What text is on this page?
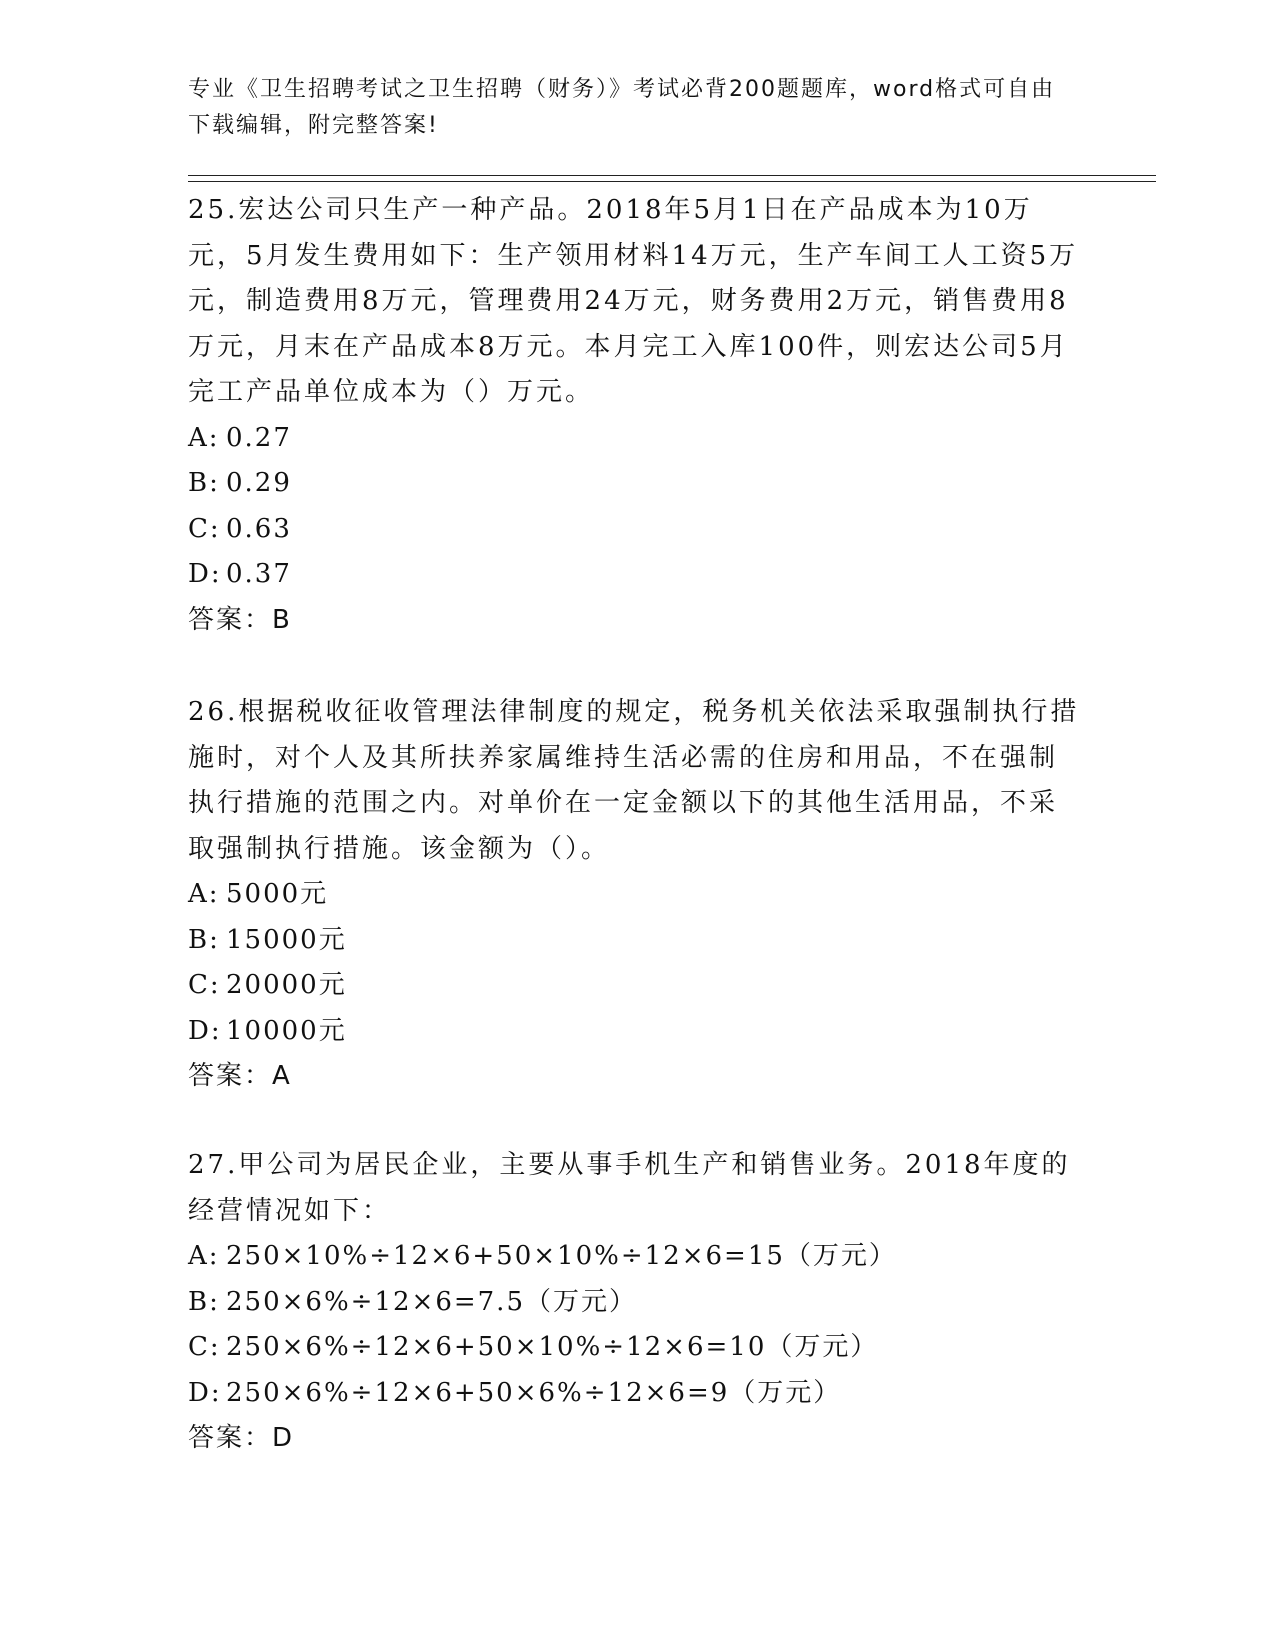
专业《卫生招聘考试之卫生招聘（财务）》考试必背200题题库，word格式可自由下载编辑，附完整答案!

25.宏达公司只生产一种产品。2018年5月1日在产品成本为10万元，5月发生费用如下：生产领用材料14万元，生产车间工人工资5万元，制造费用8万元，管理费用24万元，财务费用2万元，销售费用8万元，月末在产品成本8万元。本月完工入库100件，则宏达公司5月完工产品单位成本为（）万元。

A: 0.27
B: 0.29
C: 0.63
D: 0.37

答案：B

26.根据税收征收管理法律制度的规定，税务机关依法采取强制执行措施时，对个人及其所扶养家属维持生活必需的住房和用品，不在强制执行措施的范围之内。对单价在一定金额以下的其他生活用品，不采取强制执行措施。该金额为（）。

A: 5000元
B: 15000元
C: 20000元
D: 10000元

答案：A

27.甲公司为居民企业，主要从事手机生产和销售业务。2018年度的经营情况如下：

A: 250×10%÷12×6+50×10%÷12×6=15（万元）
B: 250×6%÷12×6=7.5（万元）
C: 250×6%÷12×6+50×10%÷12×6=10（万元）
D: 250×6%÷12×6+50×6%÷12×6=9（万元）

答案：D
